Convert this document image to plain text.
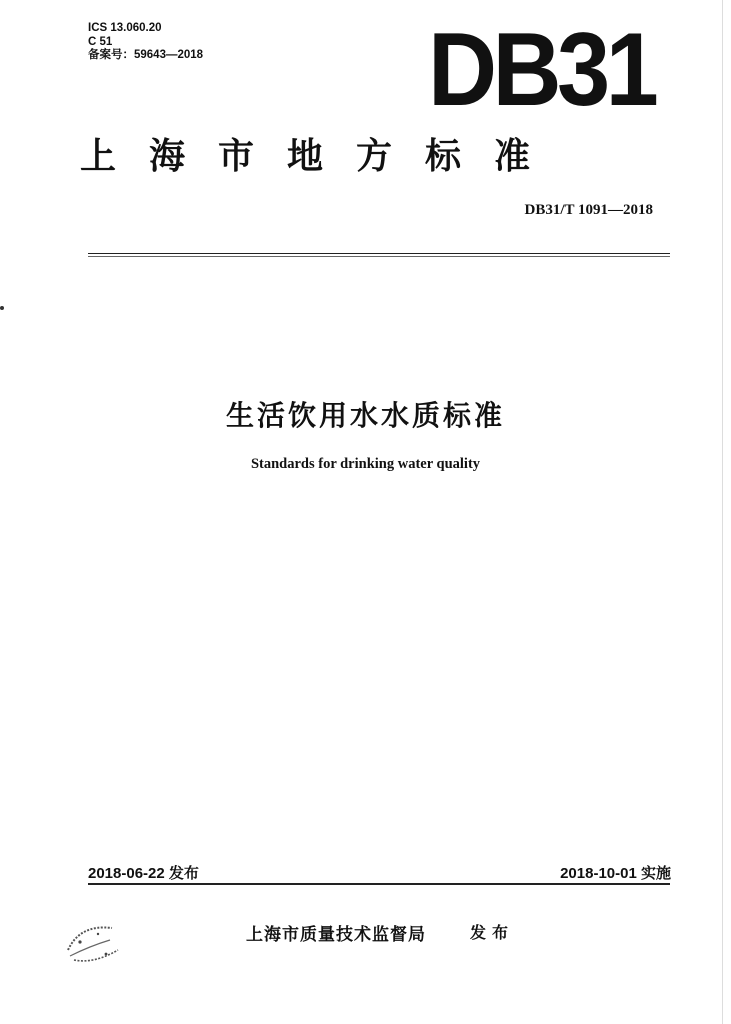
ICS 13.060.20
C 51
备案号：59643—2018 DB31
上海市地方标准
DB31/T 1091—2018
生活饮用水水质标准
Standards for drinking water quality
2018-06-22 发布	2018-10-01 实施
上海市质量技术监督局	发布
